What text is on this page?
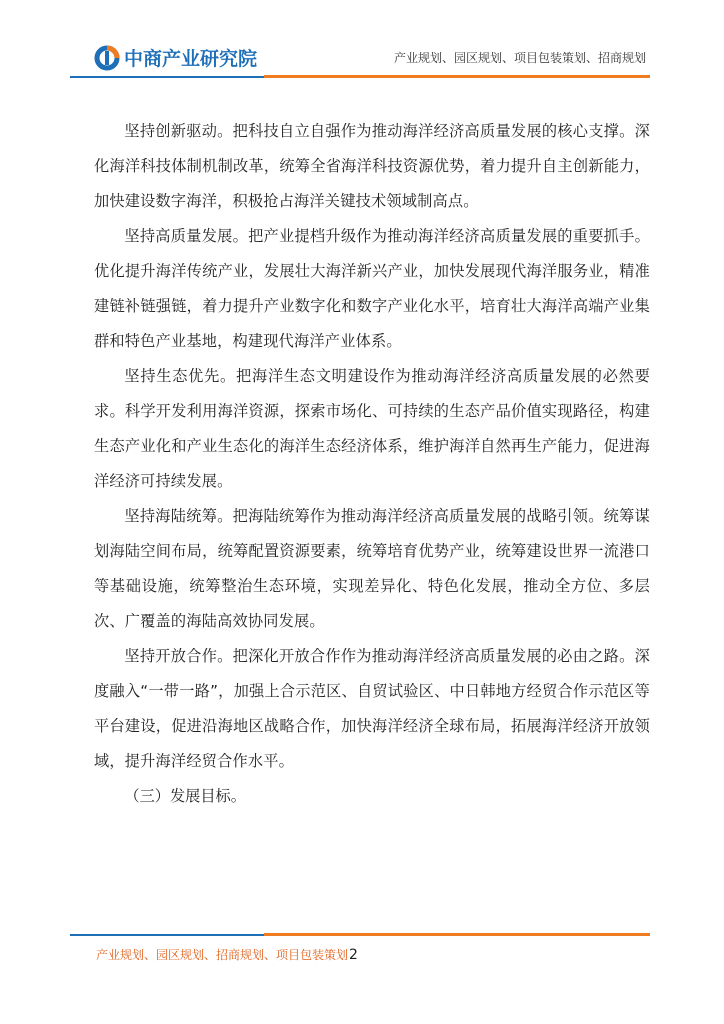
中商产业研究院	产业规划、园区规划、项目包装策划、招商规划

坚持创新驱动。把科技自立自强作为推动海洋经济高质量发展的核心支撑。深化海洋科技体制机制改革，统筹全省海洋科技资源优势，着力提升自主创新能力，加快建设数字海洋，积极抢占海洋关键技术领域制高点。

坚持高质量发展。把产业提档升级作为推动海洋经济高质量发展的重要抓手。优化提升海洋传统产业，发展壮大海洋新兴产业，加快发展现代海洋服务业，精准建链补链强链，着力提升产业数字化和数字产业化水平，培育壮大海洋高端产业集群和特色产业基地，构建现代海洋产业体系。

坚持生态优先。把海洋生态文明建设作为推动海洋经济高质量发展的必然要求。科学开发利用海洋资源，探索市场化、可持续的生态产品价值实现路径，构建生态产业化和产业生态化的海洋生态经济体系，维护海洋自然再生产能力，促进海洋经济可持续发展。

坚持海陆统筹。把海陆统筹作为推动海洋经济高质量发展的战略引领。统筹谋划海陆空间布局，统筹配置资源要素，统筹培育优势产业，统筹建设世界一流港口等基础设施，统筹整治生态环境，实现差异化、特色化发展，推动全方位、多层次、广覆盖的海陆高效协同发展。

坚持开放合作。把深化开放合作作为推动海洋经济高质量发展的必由之路。深度融入“一带一路”，加强上合示范区、自贸试验区、中日韩地方经贸合作示范区等平台建设，促进沿海地区战略合作，加快海洋经济全球布局，拓展海洋经济开放领域，提升海洋经贸合作水平。

（三）发展目标。

产业规划、园区规划、招商规划、项目包装策划2
